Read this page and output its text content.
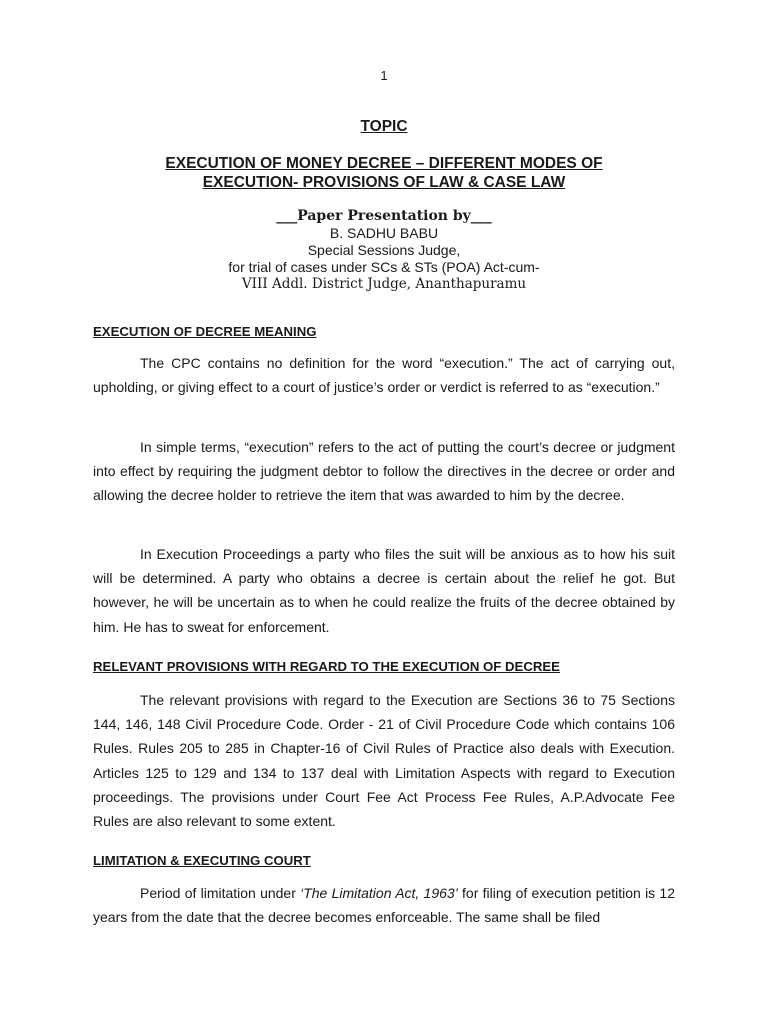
1
TOPIC
EXECUTION OF MONEY DECREE – DIFFERENT MODES OF
EXECUTION- PROVISIONS OF LAW & CASE LAW
___Paper Presentation by___
B. SADHU BABU
Special Sessions Judge,
for trial of cases under SCs & STs (POA) Act-cum-
VIII Addl. District Judge, Ananthapuramu
EXECUTION OF DECREE MEANING

The CPC contains no definition for the word “execution.” The act of carrying out, upholding, or giving effect to a court of justice’s order or verdict is referred to as “execution.”

In simple terms, “execution” refers to the act of putting the court’s decree or judgment into effect by requiring the judgment debtor to follow the directives in the decree or order and allowing the decree holder to retrieve the item that was awarded to him by the decree.

In Execution Proceedings a party who files the suit will be anxious as to how his suit will be determined. A party who obtains a decree is certain about the relief he got. But however, he will be uncertain as to when he could realize the fruits of the decree obtained by him. He has to sweat for enforcement.

RELEVANT PROVISIONS WITH REGARD TO THE EXECUTION OF DECREE

The relevant provisions with regard to the Execution are Sections 36 to 75 Sections 144, 146, 148 Civil Procedure Code. Order - 21 of Civil Procedure Code which contains 106 Rules. Rules 205 to 285 in Chapter-16 of Civil Rules of Practice also deals with Execution. Articles 125 to 129 and 134 to 137 deal with Limitation Aspects with regard to Execution proceedings. The provisions under Court Fee Act Process Fee Rules, A.P.Advocate Fee Rules are also relevant to some extent.

LIMITATION & EXECUTING COURT

Period of limitation under ‘The Limitation Act, 1963’ for filing of execution petition is 12 years from the date that the decree becomes enforceable. The same shall be filed
